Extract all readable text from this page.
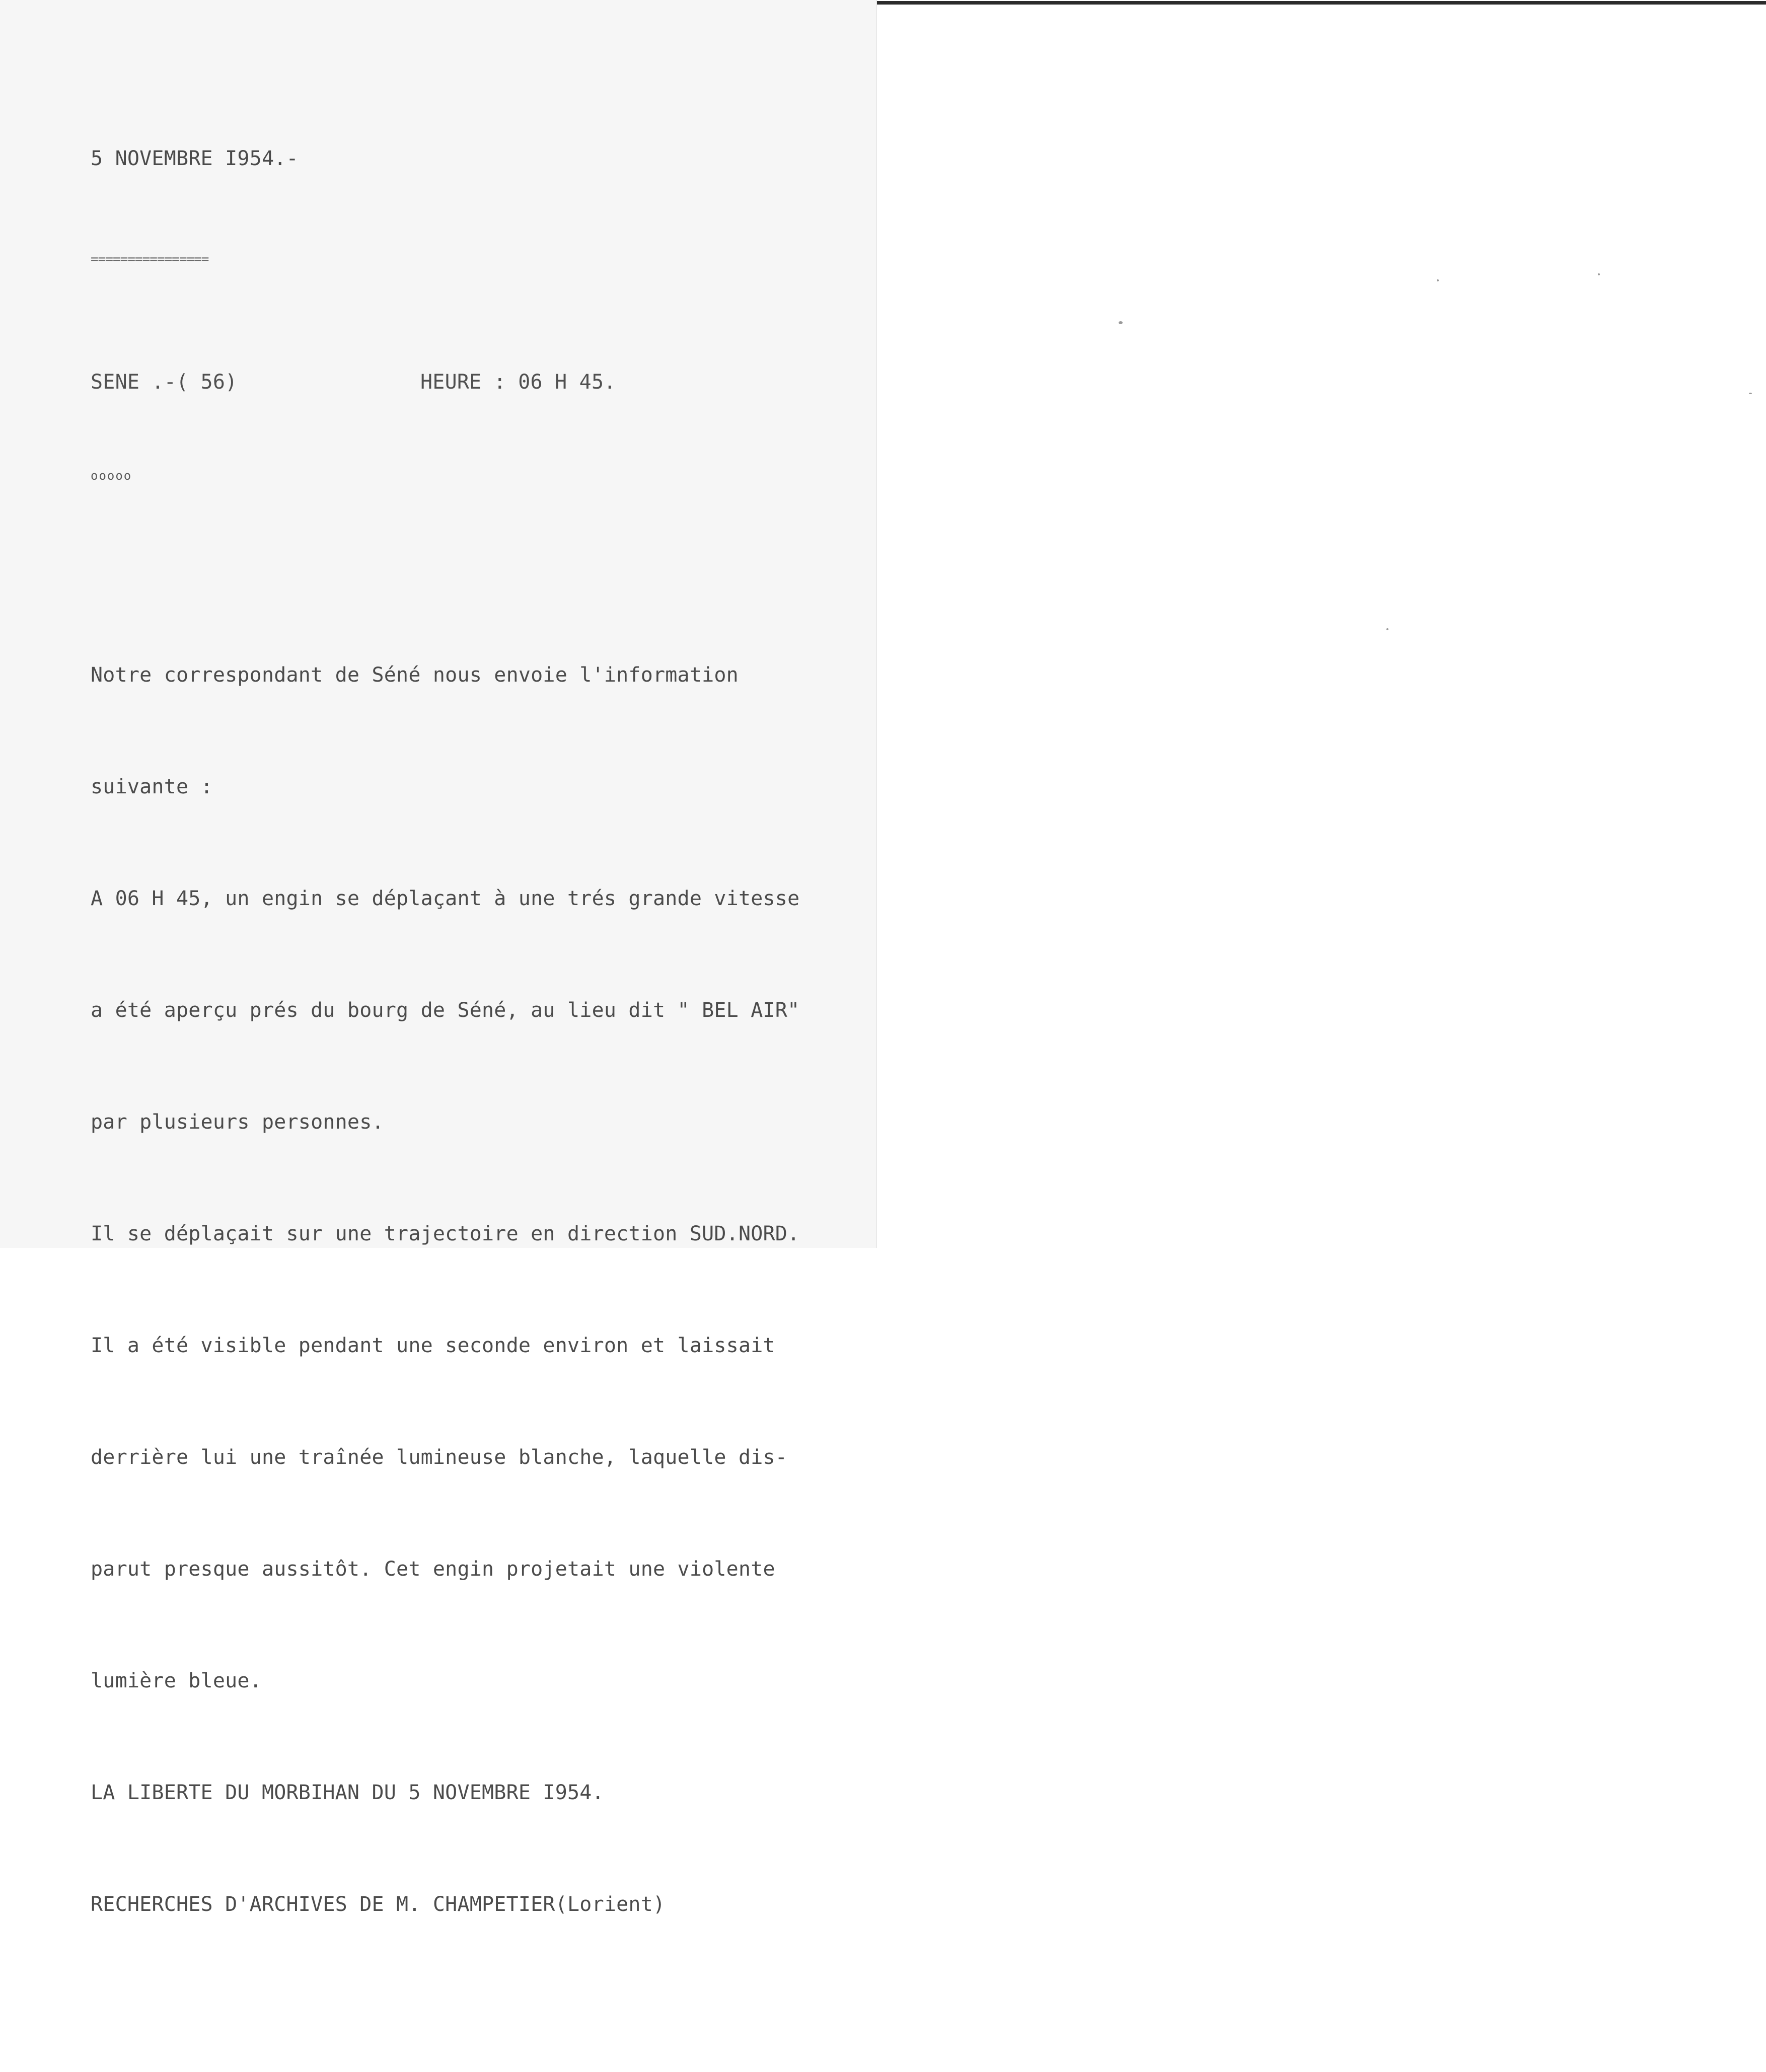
5 NOVEMBRE I954.-

================

SENE .-( 56)

	HEURE : 06 H 45.

ooooo

Notre correspondant de Séné nous envoie l'information

suivante :

A 06 H 45, un engin se déplaçant à une trés grande vitesse

a été aperçu prés du bourg de Séné, au lieu dit " BEL AIR"

par plusieurs personnes.

Il se déplaçait sur une trajectoire en direction SUD.NORD.

Il a été visible pendant une seconde environ et laissait

derrière lui une traînée lumineuse blanche, laquelle dis-

parut presque aussitôt. Cet engin projetait une violente

lumière bleue.

LA LIBERTE DU MORBIHAN DU 5 NOVEMBRE I954.

RECHERCHES D'ARCHIVES DE M. CHAMPETIER(Lorient)
